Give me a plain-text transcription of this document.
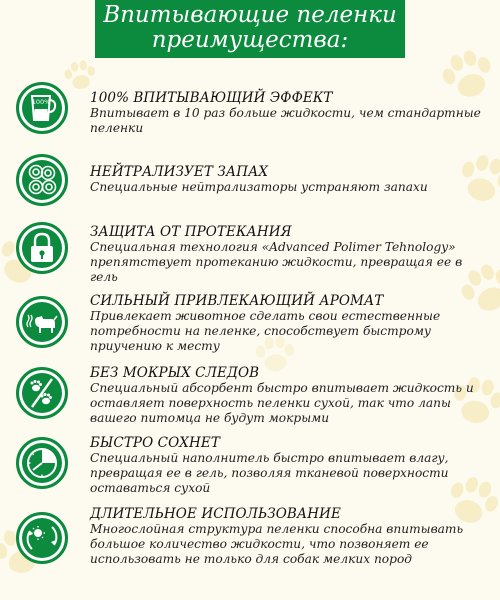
Впитывающие пеленки
преимущества:
100%	100% ВПИТЫВАЮЩИЙ ЭФФЕКТ
Впитывает в 10 раз больше жидкости, чем стандартные
пеленки
НЕЙТРАЛИЗУЕТ ЗАПАХ
Специальные нейтрализаторы устраняют запахи
ЗАЩИТА ОТ ПРОТЕКАНИЯ
Специальная технология «Advanced Polimer Tehnology»
препятствует протеканию жидкости, превращая ее в гель
СИЛЬНЫЙ ПРИВЛЕКАЮЩИЙ АРОМАТ
Привлекает животное сделать свои естественные
потребности на пеленке, способствует быстрому
приучению к месту
БЕЗ МОКРЫХ СЛЕДОВ
Специальный абсорбент быстро впитывает жидкость и
оставляет поверхность пеленки сухой, так что лапы
вашего питомца не будут мокрыми
БЫСТРО СОХНЕТ
Специальный наполнитель быстро впитывает влагу,
превращая ее в гель, позволяя тканевой поверхности
оставаться сухой
ДЛИТЕЛЬНОЕ ИСПОЛЬЗОВАНИЕ
Многослойная структура пеленки способна впитывать
большое количество жидкости, что позвоняет ее
использовать не только для собак мелких пород
